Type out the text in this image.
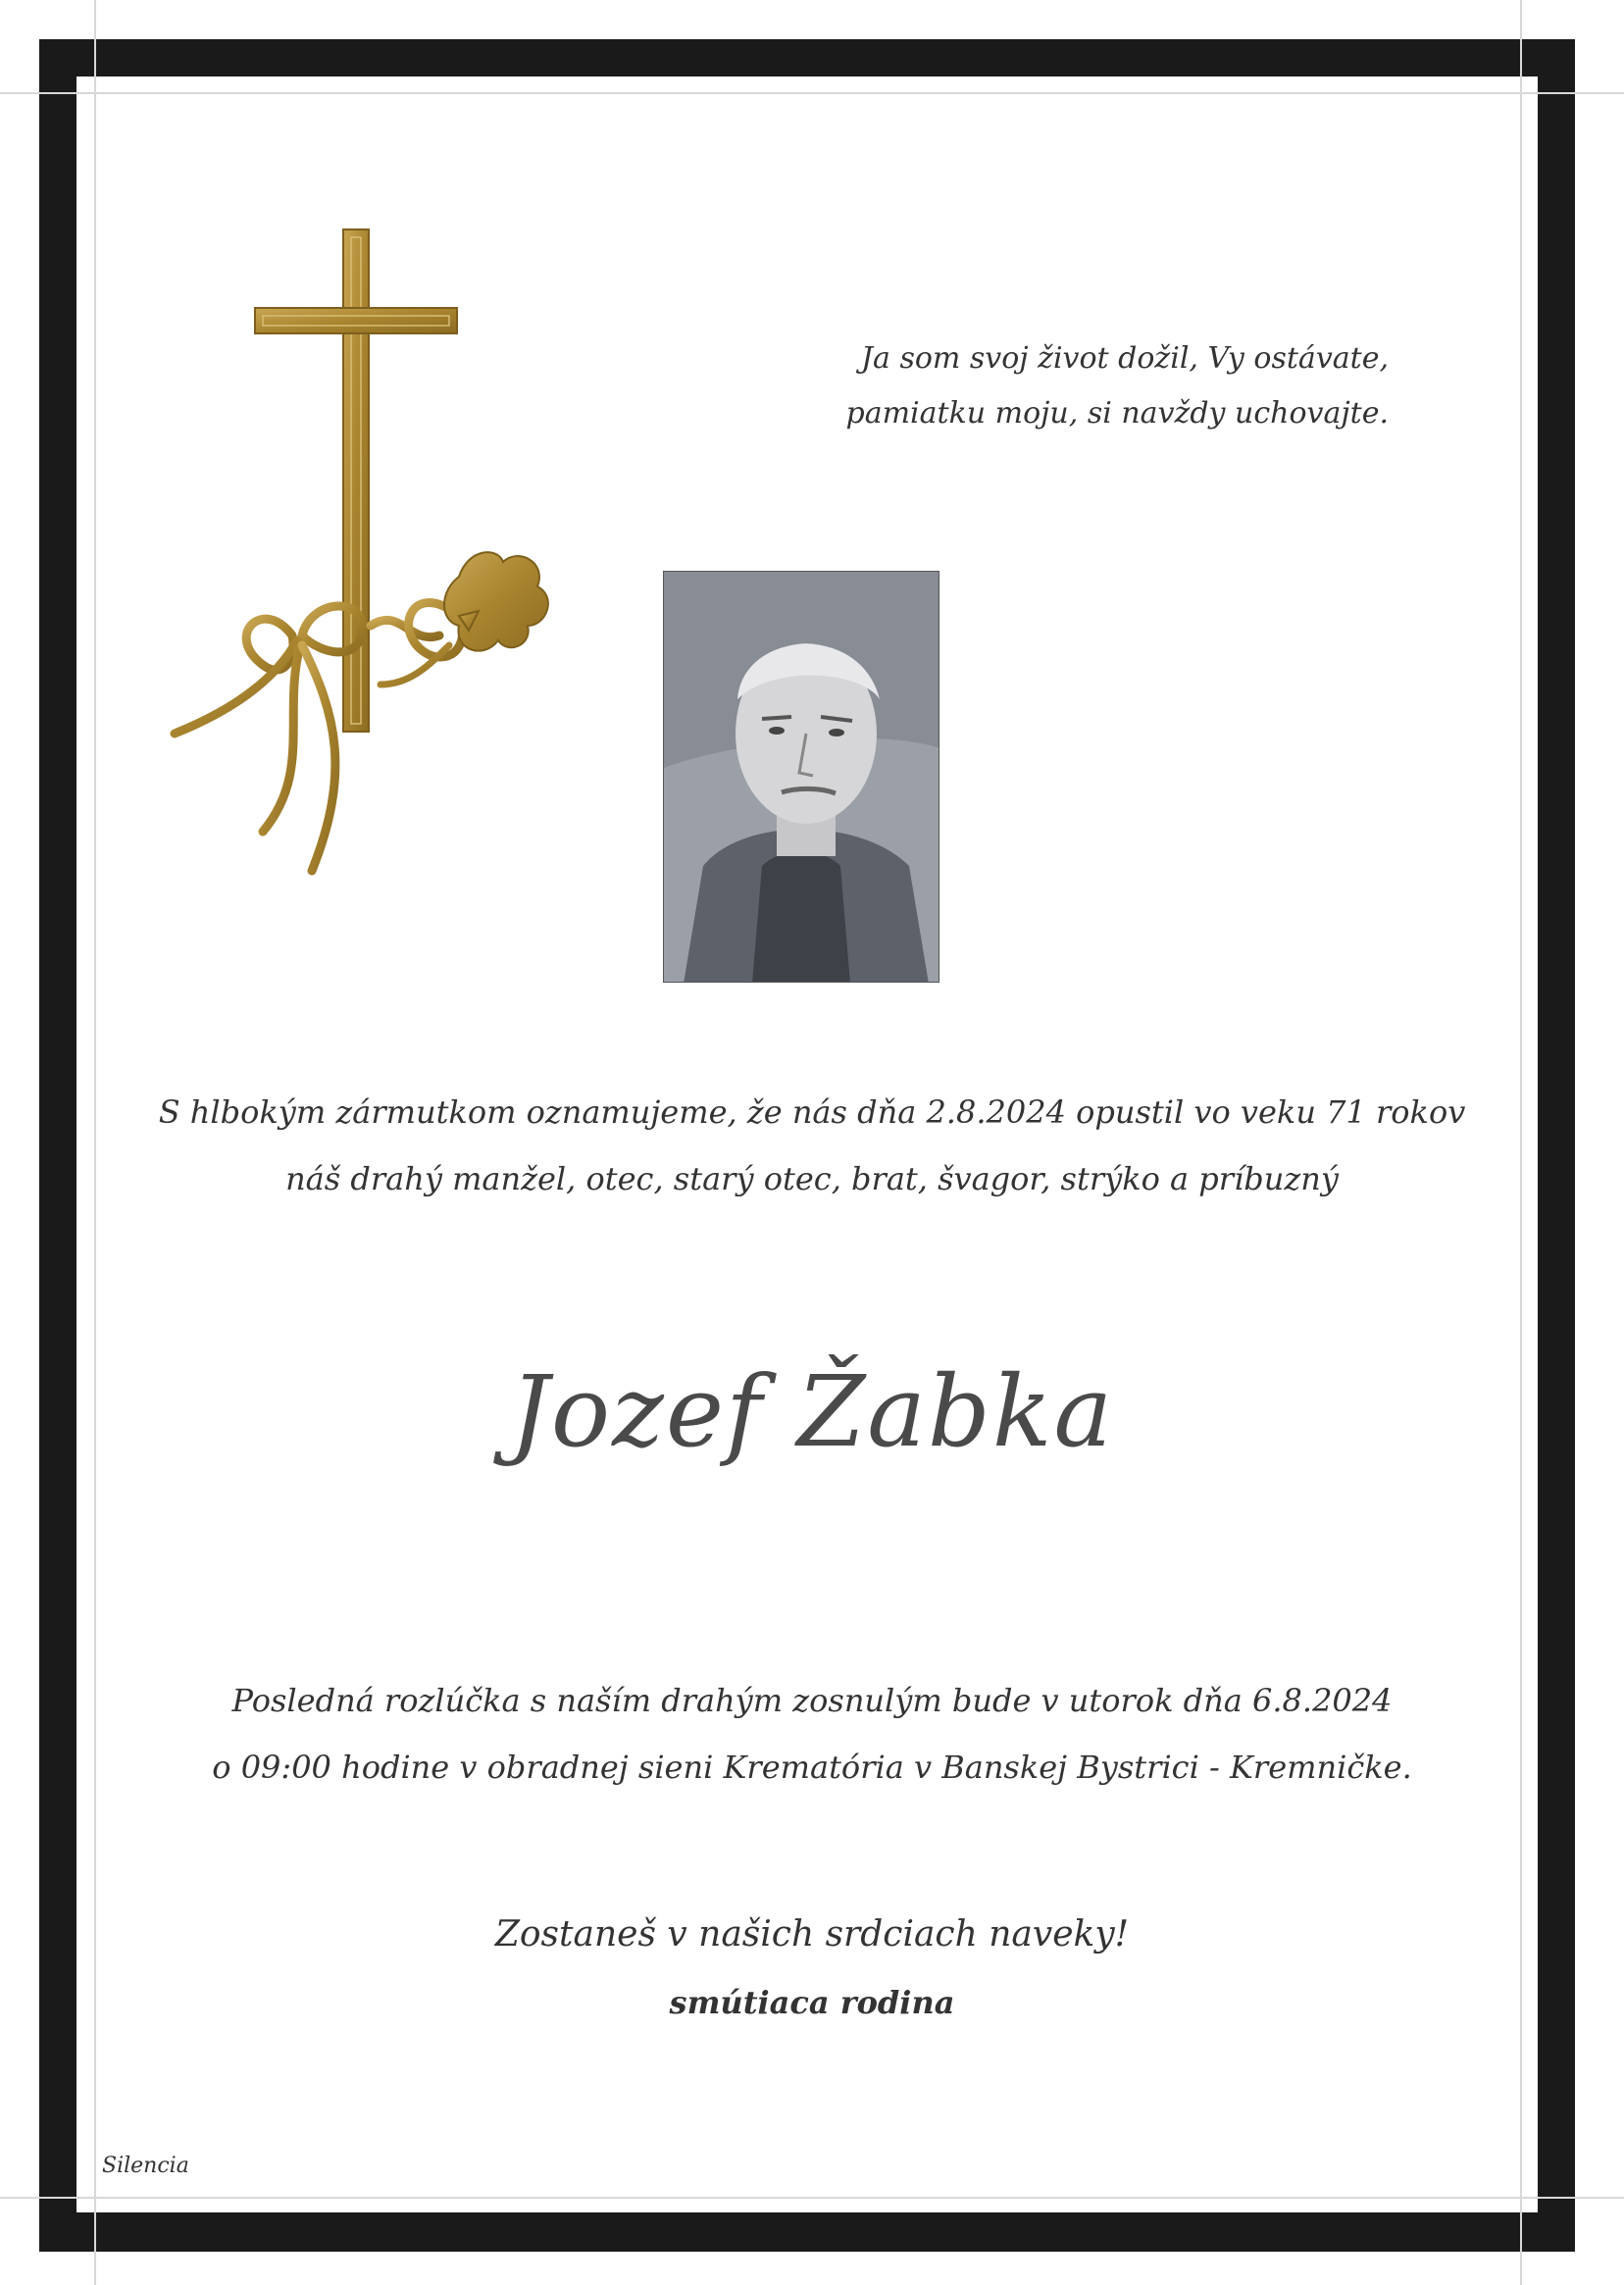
Ja som svoj život dožil, Vy ostávate,
pamiatku moju, si navždy uchovajte.
S hlbokým zármutkom oznamujeme, že nás dňa 2.8.2024 opustil vo veku 71 rokov
náš drahý manžel, otec, starý otec, brat, švagor, strýko a príbuzný
Jozef Žabka
Posledná rozlúčka s naším drahým zosnulým bude v utorok dňa 6.8.2024
o 09:00 hodine v obradnej sieni Krematória v Banskej Bystrici - Kremničke.
Zostaneš v našich srdciach naveky!
smútiaca rodina
Silencia
